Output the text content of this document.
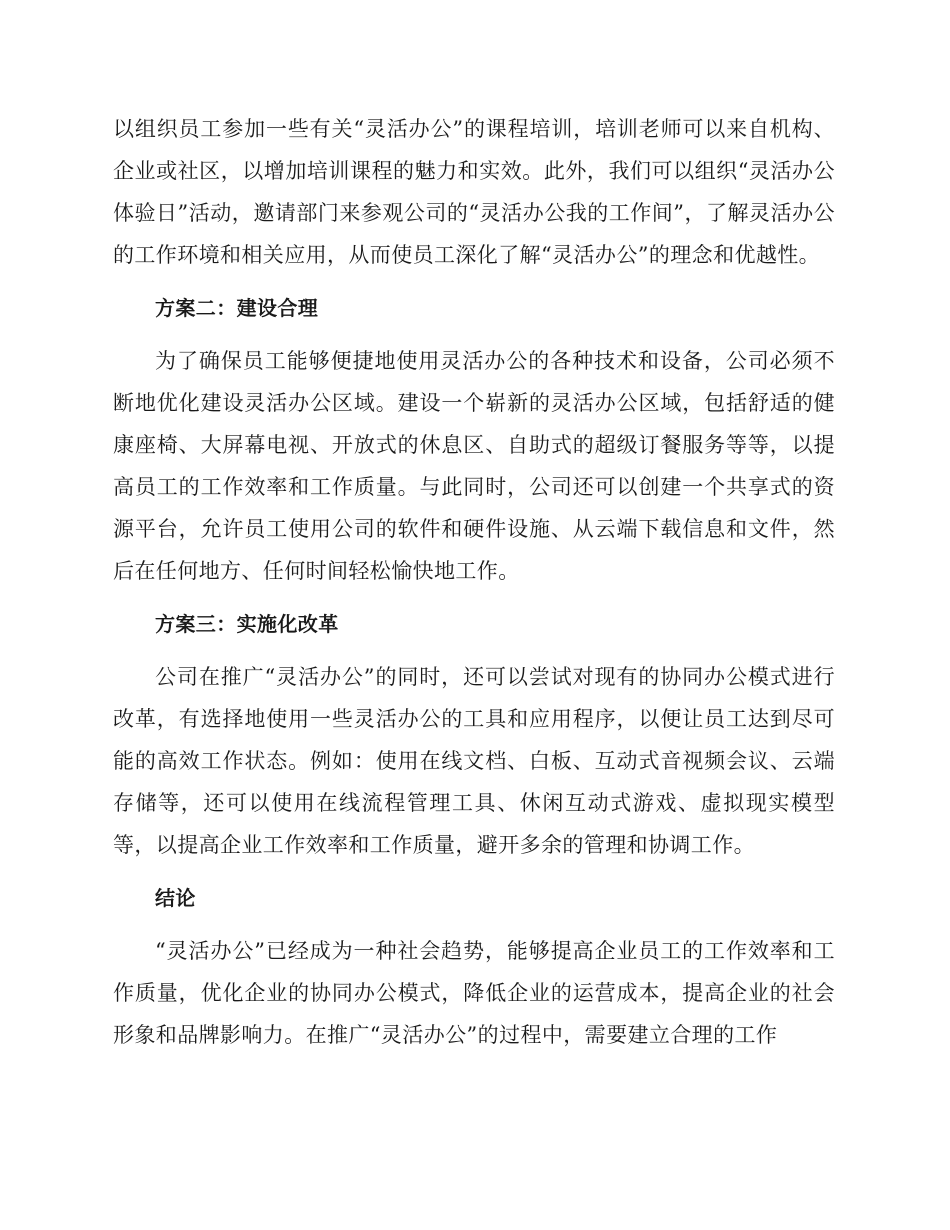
以组织员工参加一些有关“灵活办公”的课程培训，培训老师可以来自机构、企业或社区，以增加培训课程的魅力和实效。此外，我们可以组织“灵活办公体验日”活动，邀请部门来参观公司的“灵活办公我的工作间”，了解灵活办公的工作环境和相关应用，从而使员工深化了解“灵活办公”的理念和优越性。

方案二：建设合理

为了确保员工能够便捷地使用灵活办公的各种技术和设备，公司必须不断地优化建设灵活办公区域。建设一个崭新的灵活办公区域，包括舒适的健康座椅、大屏幕电视、开放式的休息区、自助式的超级订餐服务等等，以提高员工的工作效率和工作质量。与此同时，公司还可以创建一个共享式的资源平台，允许员工使用公司的软件和硬件设施、从云端下载信息和文件，然后在任何地方、任何时间轻松愉快地工作。

方案三：实施化改革

公司在推广“灵活办公”的同时，还可以尝试对现有的协同办公模式进行改革，有选择地使用一些灵活办公的工具和应用程序，以便让员工达到尽可能的高效工作状态。例如：使用在线文档、白板、互动式音视频会议、云端存储等，还可以使用在线流程管理工具、休闲互动式游戏、虚拟现实模型等，以提高企业工作效率和工作质量，避开多余的管理和协调工作。

结论

“灵活办公”已经成为一种社会趋势，能够提高企业员工的工作效率和工作质量，优化企业的协同办公模式，降低企业的运营成本，提高企业的社会形象和品牌影响力。在推广“灵活办公”的过程中，需要建立合理的工作
